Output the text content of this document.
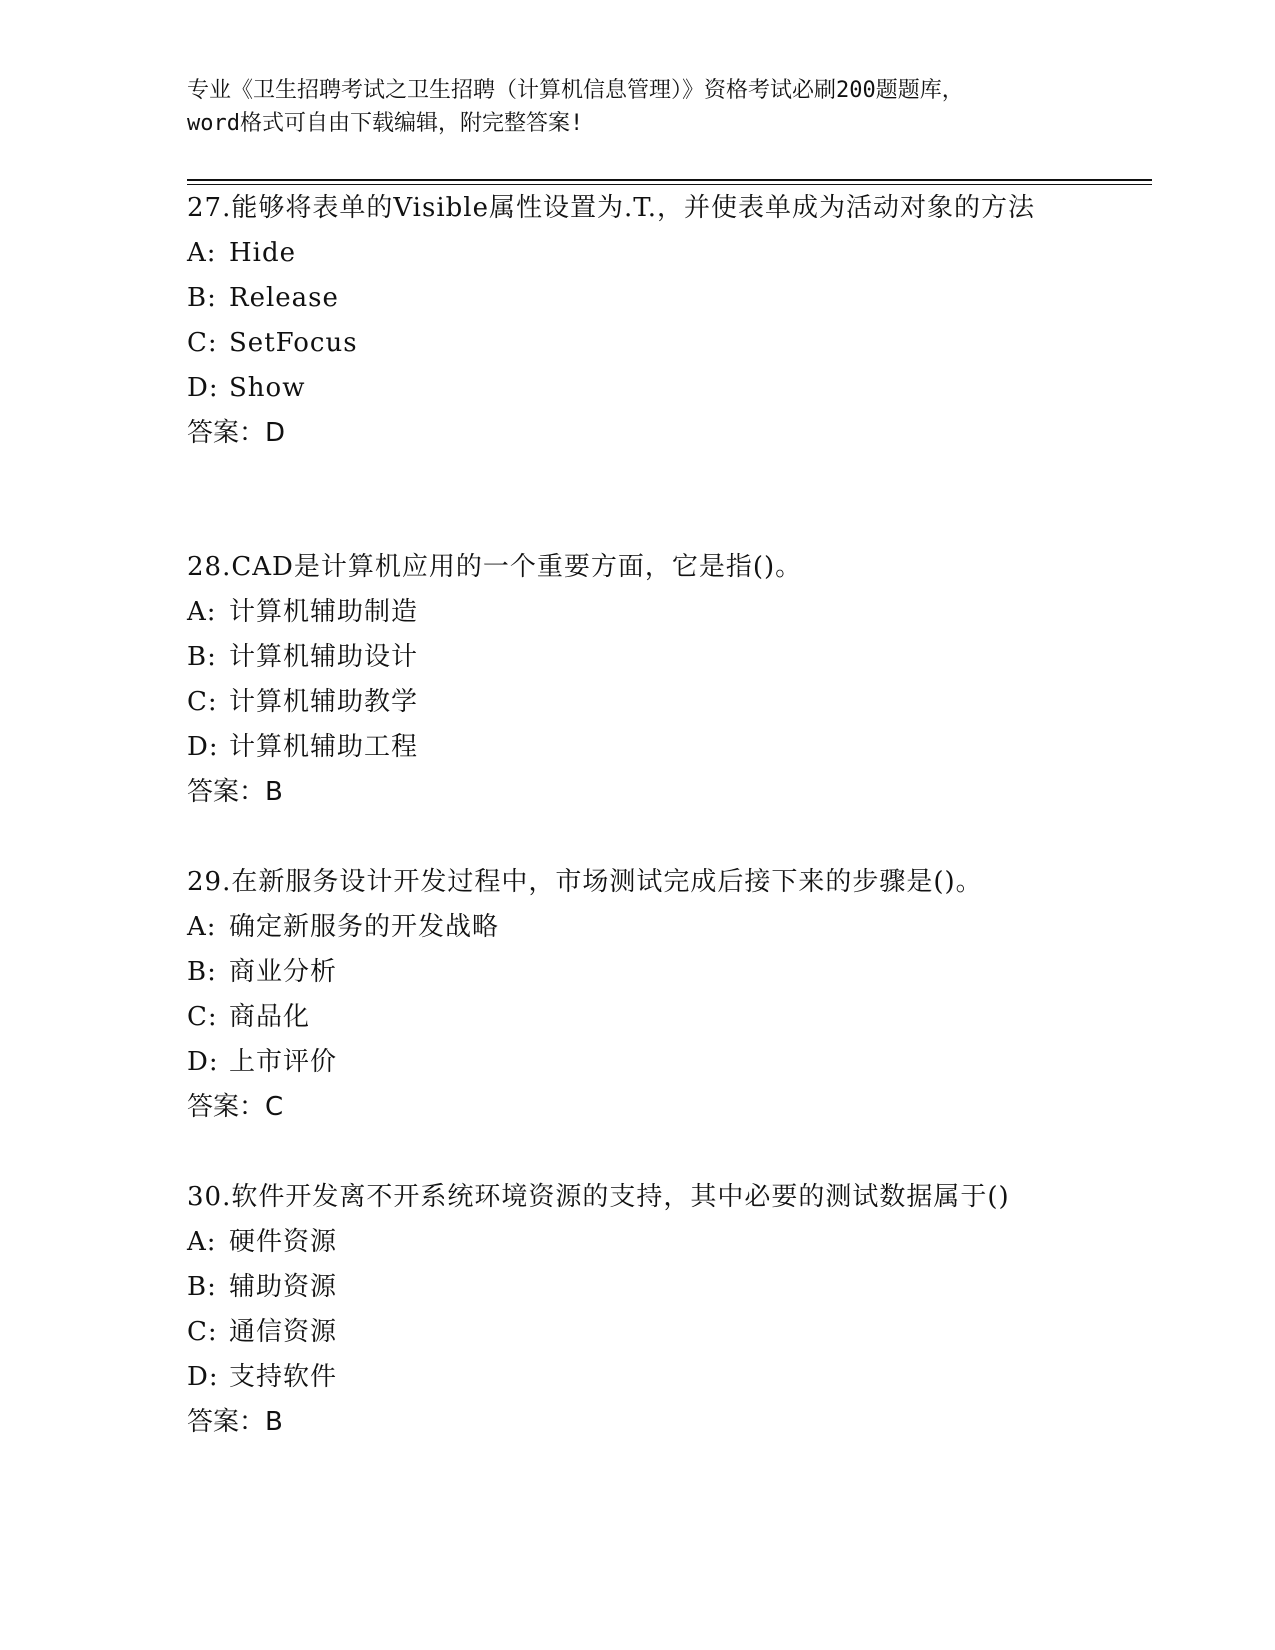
专业《卫生招聘考试之卫生招聘（计算机信息管理）》资格考试必刷200题题库，
word格式可自由下载编辑，附完整答案!

27.能够将表单的Visible属性设置为.T.，并使表单成为活动对象的方法

A: Hide

B: Release

C: SetFocus

D: Show

答案：D

28.CAD是计算机应用的一个重要方面，它是指()。

A: 计算机辅助制造

B: 计算机辅助设计

C: 计算机辅助教学

D: 计算机辅助工程

答案：B

29.在新服务设计开发过程中，市场测试完成后接下来的步骤是()。

A: 确定新服务的开发战略

B: 商业分析

C: 商品化

D: 上市评价

答案：C

30.软件开发离不开系统环境资源的支持，其中必要的测试数据属于()

A: 硬件资源

B: 辅助资源

C: 通信资源

D: 支持软件

答案：B
